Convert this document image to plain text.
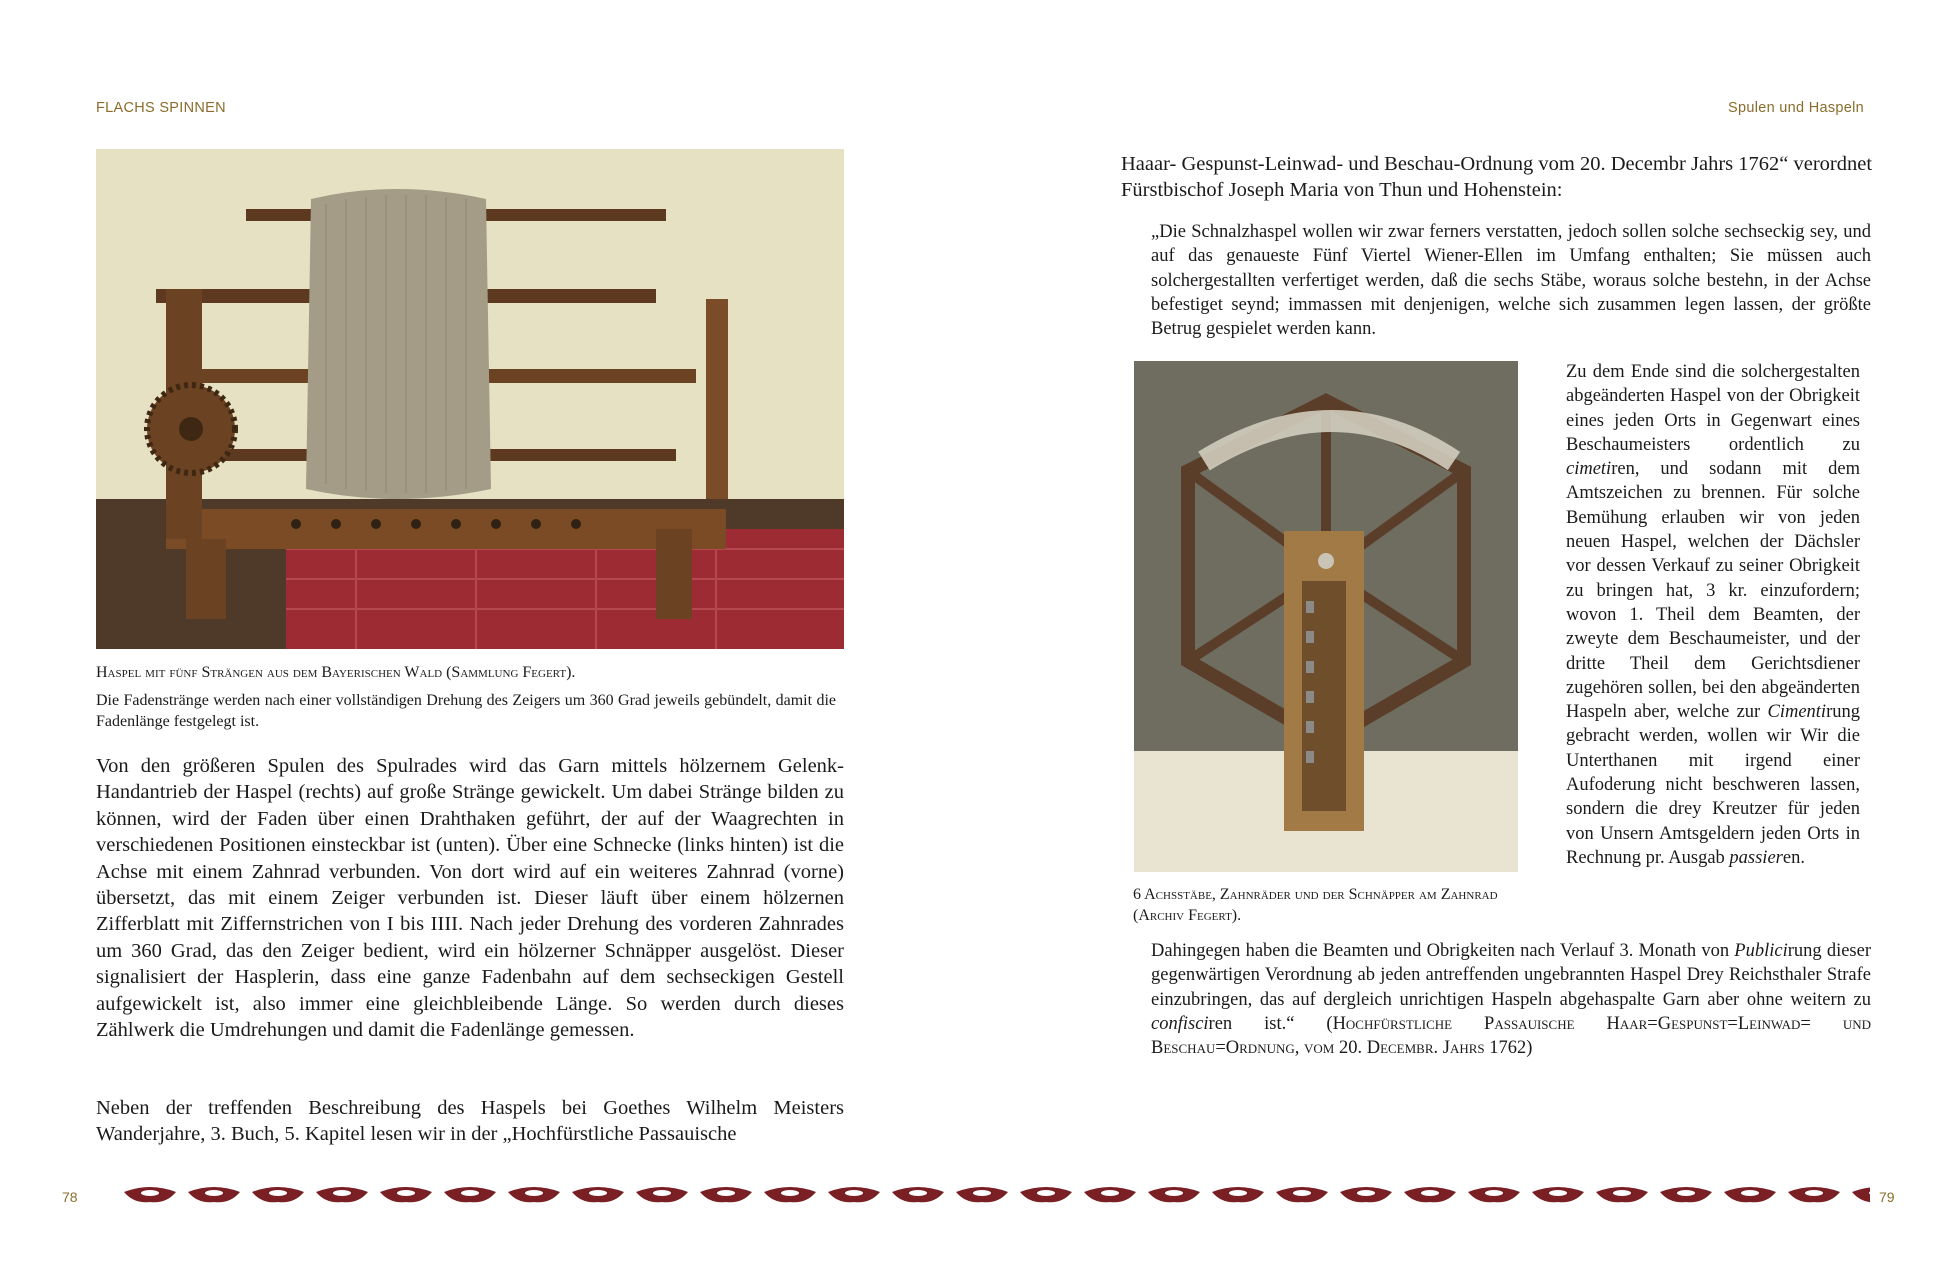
FLACHS SPINNEN	Spulen und Haspeln
Haspel mit fünf Strängen aus dem Bayerischen Wald (Sammlung Fegert).
Die Fadenstränge werden nach einer vollständigen Drehung des Zeigers um 360 Grad jeweils gebündelt, damit die Fadenlänge festgelegt ist.
Von den größeren Spulen des Spulrades wird das Garn mittels hölzernem Gelenk-Handantrieb der Haspel (rechts) auf große Stränge gewickelt. Um dabei Stränge bilden zu können, wird der Faden über einen Drahthaken geführt, der auf der Waagrechten in verschiedenen Positionen einsteckbar ist (unten). Über eine Schnecke (links hinten) ist die Achse mit einem Zahnrad verbunden. Von dort wird auf ein weiteres Zahnrad (vorne) übersetzt, das mit einem Zeiger verbunden ist. Dieser läuft über einem hölzernen Zifferblatt mit Ziffernstrichen von I bis IIII. Nach jeder Drehung des vorderen Zahnrades um 360 Grad, das den Zeiger bedient, wird ein hölzerner Schnäpper ausgelöst. Dieser signalisiert der Hasplerin, dass eine ganze Fadenbahn auf dem sechseckigen Gestell aufgewickelt ist, also immer eine gleichbleibende Länge. So werden durch dieses Zählwerk die Umdrehungen und damit die Fadenlänge gemessen.
Neben der treffenden Beschreibung des Haspels bei Goethes Wilhelm Meisters Wanderjahre, 3. Buch, 5. Kapitel lesen wir in der „Hochfürstliche Passauische
Haaar- Gespunst-Leinwad- und Beschau-Ordnung vom 20. Decembr Jahrs 1762“ verordnet Fürstbischof Joseph Maria von Thun und Hohenstein:
„Die Schnalzhaspel wollen wir zwar ferners verstatten, jedoch sollen solche sechseckig sey, und auf das genaueste Fünf Viertel Wiener-Ellen im Umfang enthalten; Sie müssen auch solchergestallten verfertiget werden, daß die sechs Stäbe, woraus solche bestehn, in der Achse befestiget seynd; immassen mit denjenigen, welche sich zusammen legen lassen, der größte Betrug gespielet werden kann.
Zu dem Ende sind die solchergestalten abgeänderten Haspel von der Obrigkeit eines jeden Orts in Gegenwart eines Beschaumeisters ordentlich zu cimetiren, und sodann mit dem Amtszeichen zu brennen. Für solche Bemühung erlauben wir von jeden neuen Haspel, welchen der Dächsler vor dessen Verkauf zu seiner Obrigkeit zu bringen hat, 3 kr. einzufordern; wovon 1. Theil dem Beamten, der zweyte dem Beschaumeister, und der dritte Theil dem Gerichtsdiener zugehören sollen, bei den abgeänderten Haspeln aber, welche zur Cimentirung gebracht werden, wollen wir Wir die Unterthanen mit irgend einer Aufoderung nicht beschweren lassen, sondern die drey Kreutzer für jeden von Unsern Amtsgeldern jeden Orts in Rechnung pr. Ausgab passieren.
6 Achsstäbe, Zahnräder und der Schnäpper am Zahnrad (Archiv Fegert).
Dahingegen haben die Beamten und Obrigkeiten nach Verlauf 3. Monath von Publicirung dieser gegenwärtigen Verordnung ab jeden antreffenden ungebrannten Haspel Drey Reichsthaler Strafe einzubringen, das auf dergleich unrichtigen Haspeln abgehaspalte Garn aber ohne weitern zu confisciren ist.“ (Hochfürstliche Passauische Haar=Gespunst=Leinwad= und Beschau=Ordnung, vom 20. Decembr. Jahrs 1762)
78	79
